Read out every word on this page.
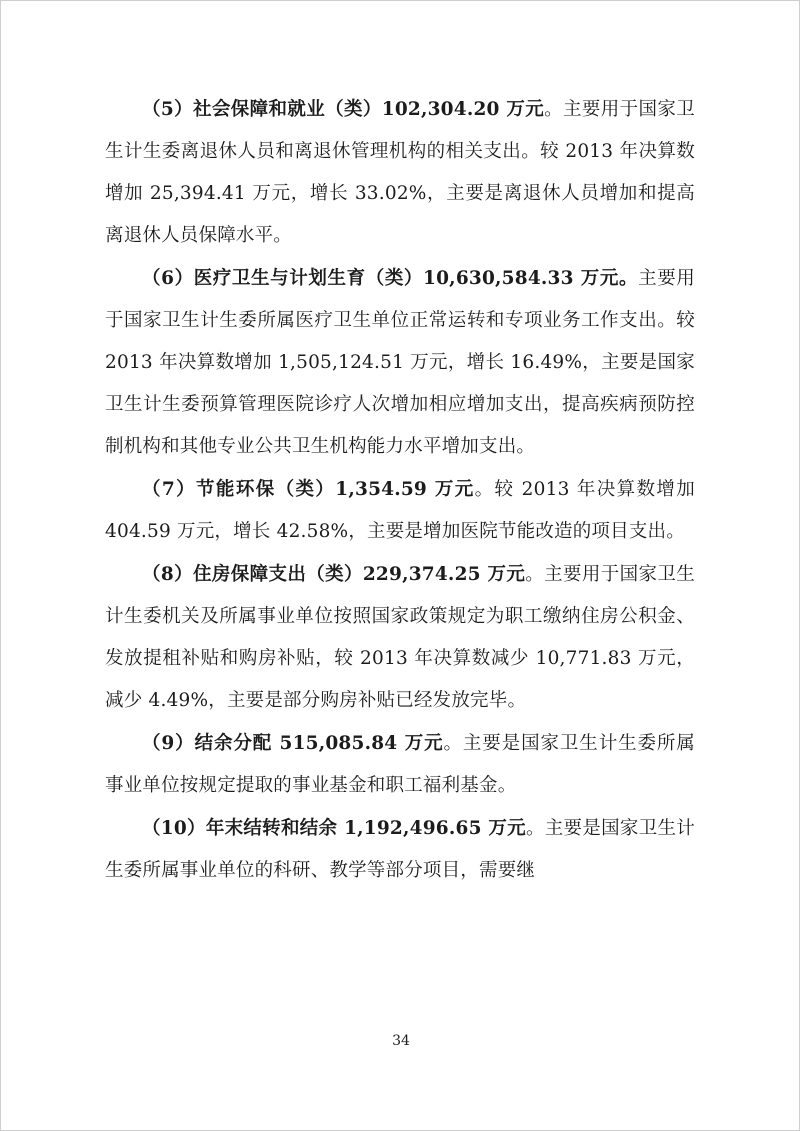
（5）社会保障和就业（类）102,304.20 万元。主要用于国家卫生计生委离退休人员和离退休管理机构的相关支出。较 2013 年决算数增加 25,394.41 万元，增长 33.02%，主要是离退休人员增加和提高离退休人员保障水平。

（6）医疗卫生与计划生育（类）10,630,584.33 万元。主要用于国家卫生计生委所属医疗卫生单位正常运转和专项业务工作支出。较 2013 年决算数增加 1,505,124.51 万元，增长 16.49%，主要是国家卫生计生委预算管理医院诊疗人次增加相应增加支出，提高疾病预防控制机构和其他专业公共卫生机构能力水平增加支出。

（7）节能环保（类）1,354.59 万元。较 2013 年决算数增加 404.59 万元，增长 42.58%，主要是增加医院节能改造的项目支出。

（8）住房保障支出（类）229,374.25 万元。主要用于国家卫生计生委机关及所属事业单位按照国家政策规定为职工缴纳住房公积金、发放提租补贴和购房补贴，较 2013 年决算数减少 10,771.83 万元，减少 4.49%，主要是部分购房补贴已经发放完毕。

（9）结余分配 515,085.84 万元。主要是国家卫生计生委所属事业单位按规定提取的事业基金和职工福利基金。

（10）年末结转和结余 1,192,496.65 万元。主要是国家卫生计生委所属事业单位的科研、教学等部分项目，需要继

34
